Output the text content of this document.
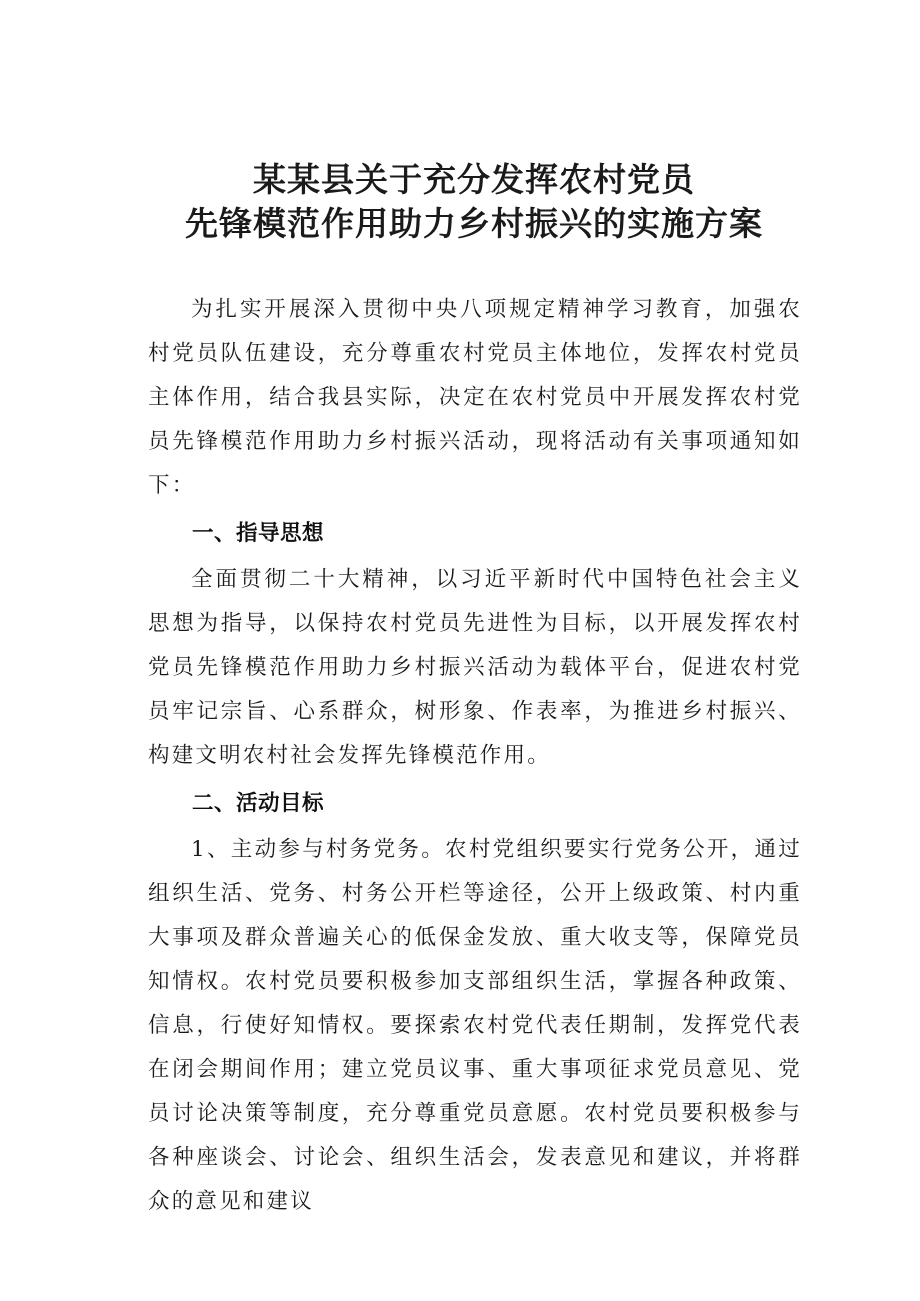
某某县关于充分发挥农村党员
先锋模范作用助力乡村振兴的实施方案

为扎实开展深入贯彻中央八项规定精神学习教育，加强农村党员队伍建设，充分尊重农村党员主体地位，发挥农村党员主体作用，结合我县实际，决定在农村党员中开展发挥农村党员先锋模范作用助力乡村振兴活动，现将活动有关事项通知如下：

一、指导思想

全面贯彻二十大精神，以习近平新时代中国特色社会主义思想为指导，以保持农村党员先进性为目标，以开展发挥农村党员先锋模范作用助力乡村振兴活动为载体平台，促进农村党员牢记宗旨、心系群众，树形象、作表率，为推进乡村振兴、构建文明农村社会发挥先锋模范作用。

二、活动目标

1、主动参与村务党务。农村党组织要实行党务公开，通过组织生活、党务、村务公开栏等途径，公开上级政策、村内重大事项及群众普遍关心的低保金发放、重大收支等，保障党员知情权。农村党员要积极参加支部组织生活，掌握各种政策、信息，行使好知情权。要探索农村党代表任期制，发挥党代表在闭会期间作用；建立党员议事、重大事项征求党员意见、党员讨论决策等制度，充分尊重党员意愿。农村党员要积极参与各种座谈会、讨论会、组织生活会，发表意见和建议，并将群众的意见和建议
